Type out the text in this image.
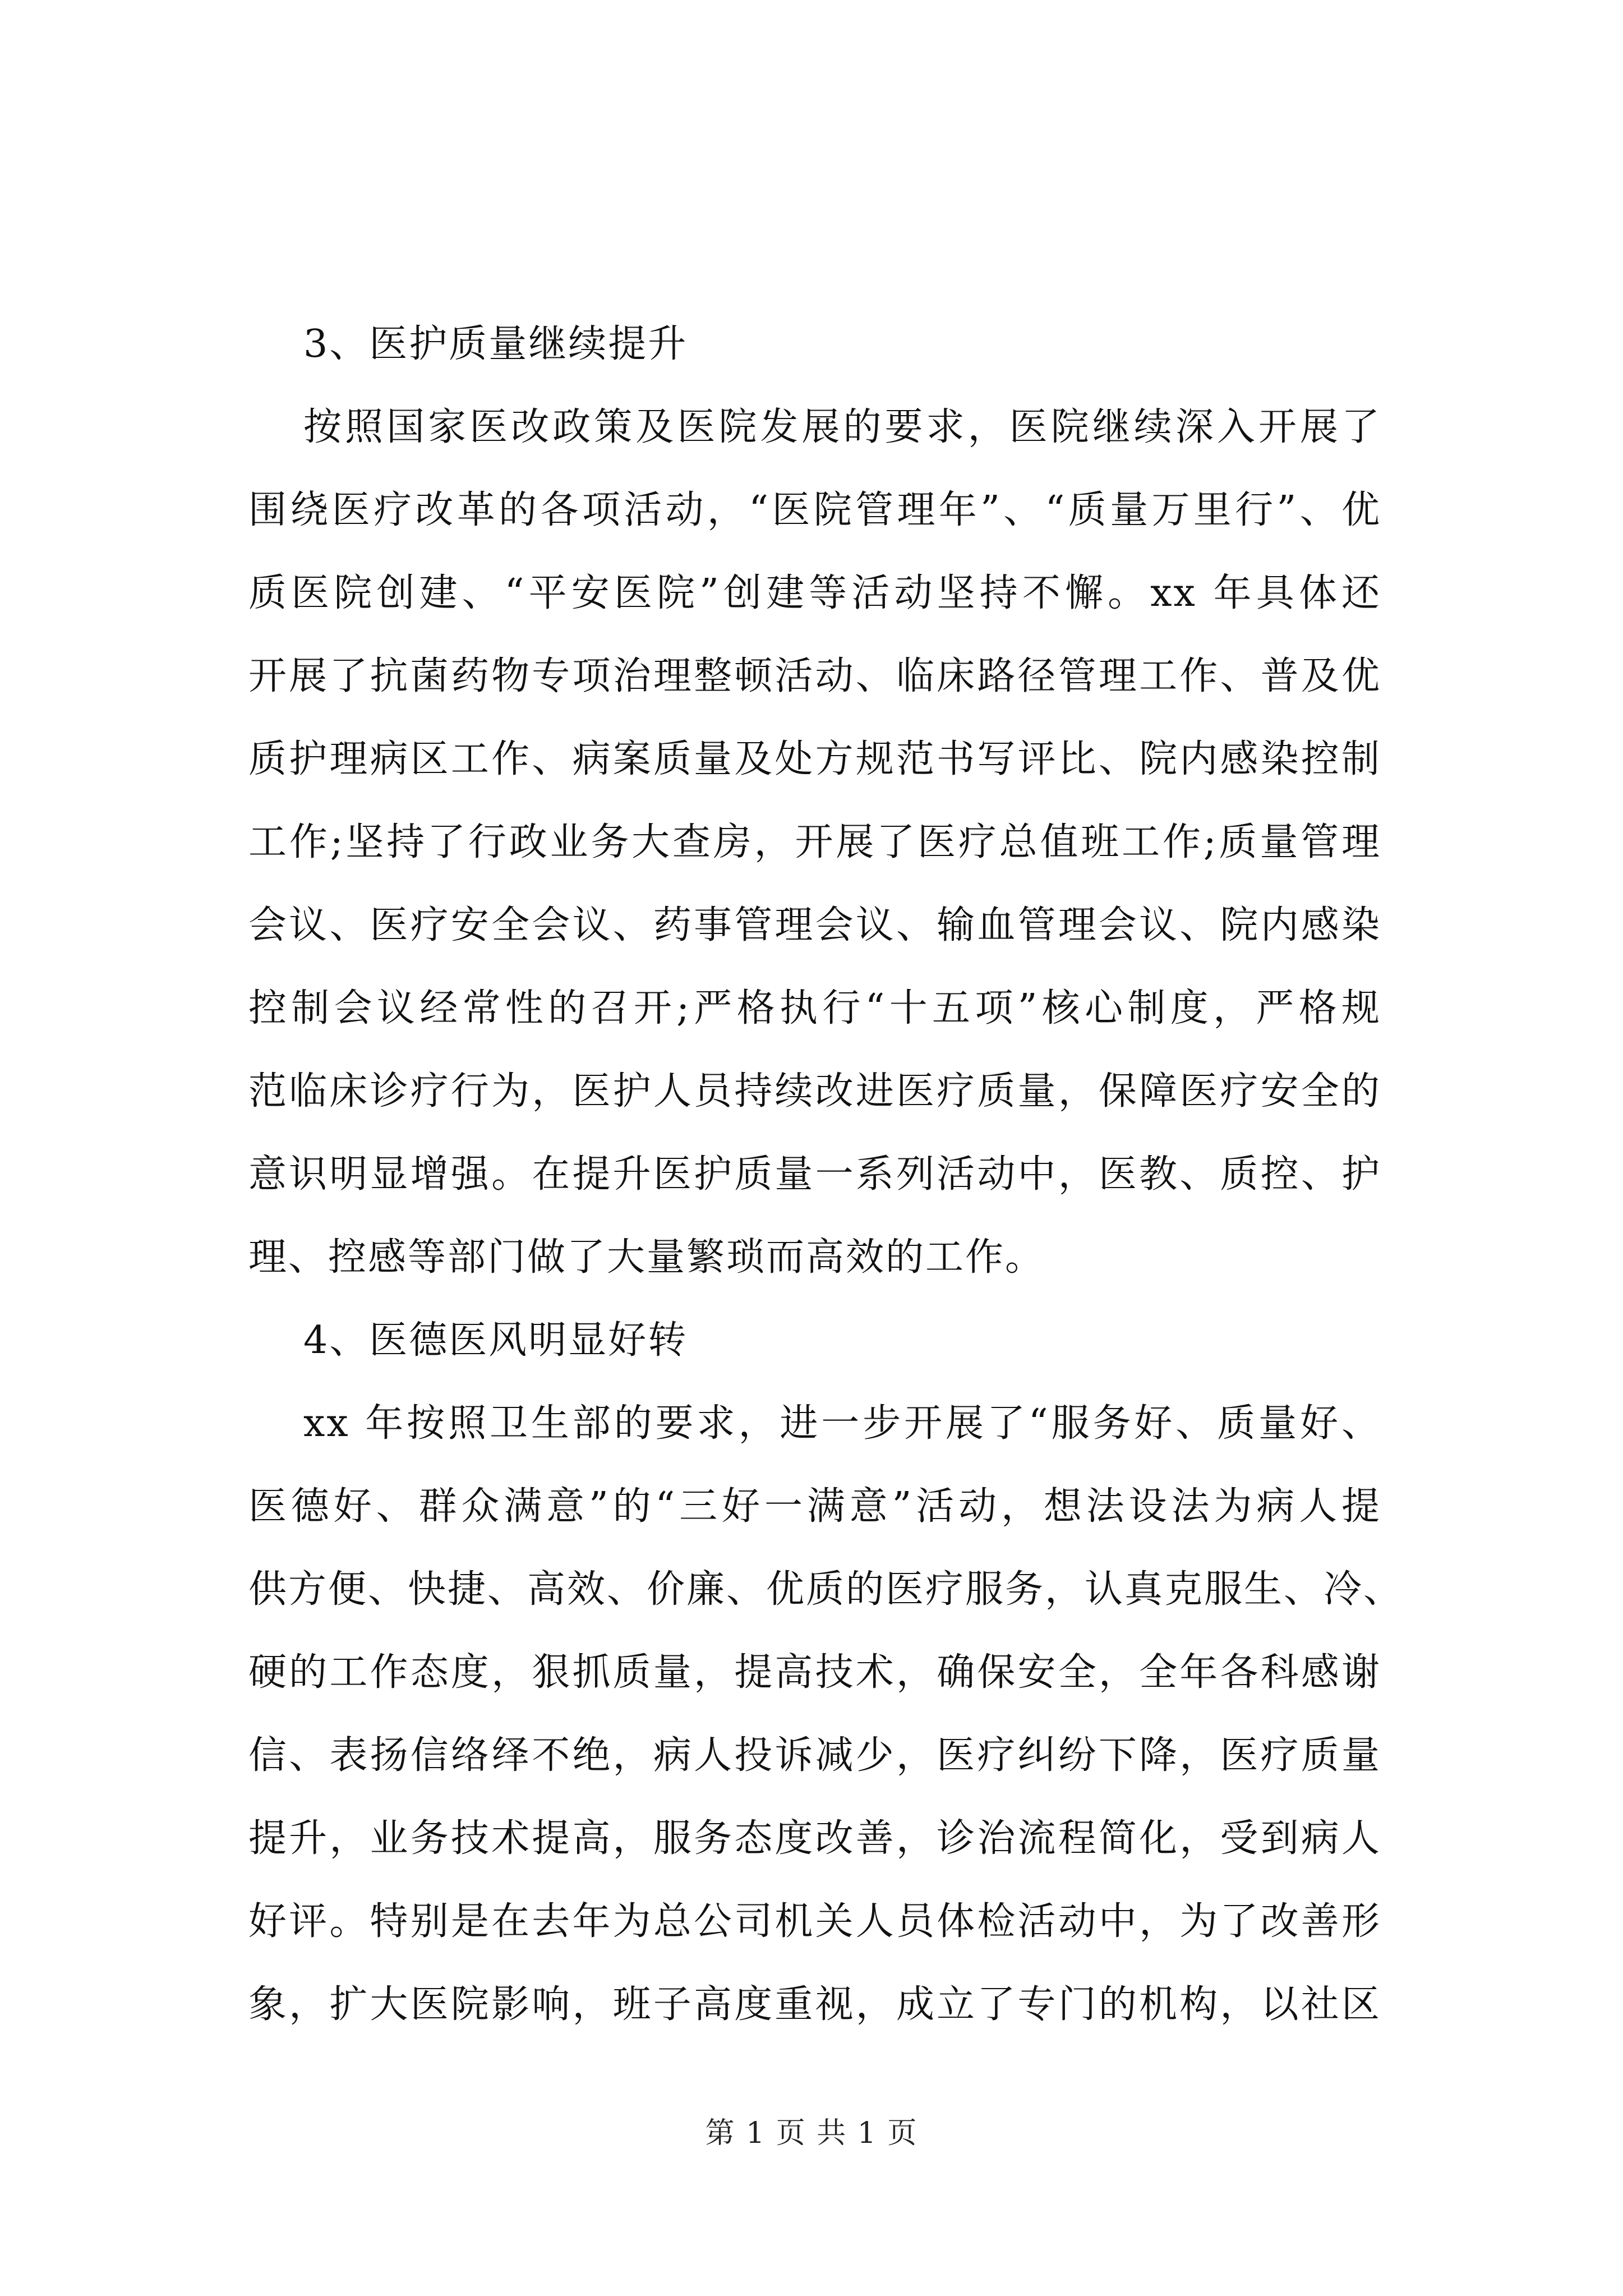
3、医护质量继续提升
按照国家医改政策及医院发展的要求，医院继续深入开展了
围绕医疗改革的各项活动，“医院管理年”、“质量万里行”、优
质医院创建、“平安医院”创建等活动坚持不懈。xx 年具体还
开展了抗菌药物专项治理整顿活动、临床路径管理工作、普及优
质护理病区工作、病案质量及处方规范书写评比、院内感染控制
工作;坚持了行政业务大查房，开展了医疗总值班工作;质量管理
会议、医疗安全会议、药事管理会议、输血管理会议、院内感染
控制会议经常性的召开;严格执行“十五项”核心制度，严格规
范临床诊疗行为，医护人员持续改进医疗质量，保障医疗安全的
意识明显增强。在提升医护质量一系列活动中，医教、质控、护
理、控感等部门做了大量繁琐而高效的工作。
4、医德医风明显好转
xx 年按照卫生部的要求，进一步开展了“服务好、质量好、
医德好、群众满意”的“三好一满意”活动，想法设法为病人提
供方便、快捷、高效、价廉、优质的医疗服务，认真克服生、冷、
硬的工作态度，狠抓质量，提高技术，确保安全，全年各科感谢
信、表扬信络绎不绝，病人投诉减少，医疗纠纷下降，医疗质量
提升，业务技术提高，服务态度改善，诊治流程简化，受到病人
好评。特别是在去年为总公司机关人员体检活动中，为了改善形
象，扩大医院影响，班子高度重视，成立了专门的机构，以社区
第 1 页 共 1 页
